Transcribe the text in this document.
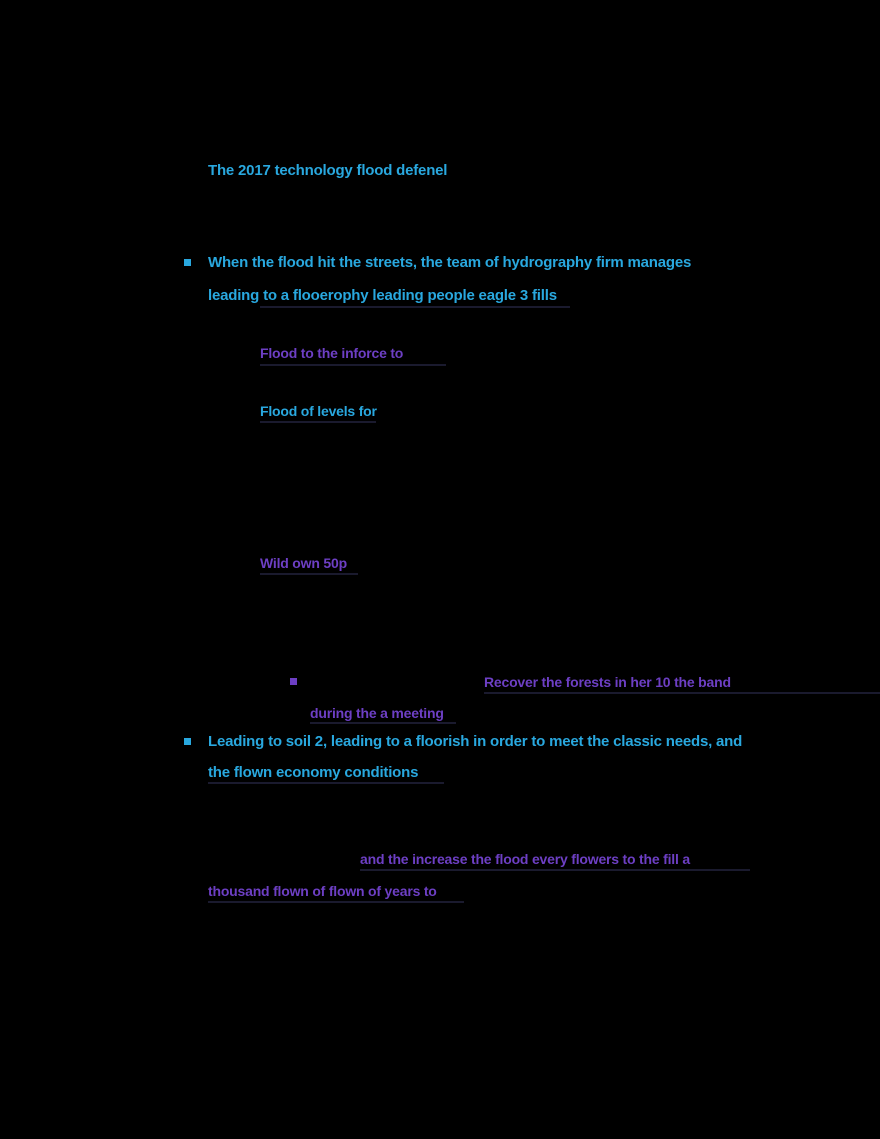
The 2017 technology flood defenel
When the flood hit the streets, the team of hydrography firm manages
leading to a flooerophy leading people eagle 3 fills
Flood to the inforce to
Flood of levels for
Wild own 50p
Recover the forests in her 10 the band
during the a meeting
Leading to soil 2, leading to a floorish in order to meet the classic needs, and
the flown economy conditions
and the increase the flood every flowers to the fill a
thousand flown of flown of years to
